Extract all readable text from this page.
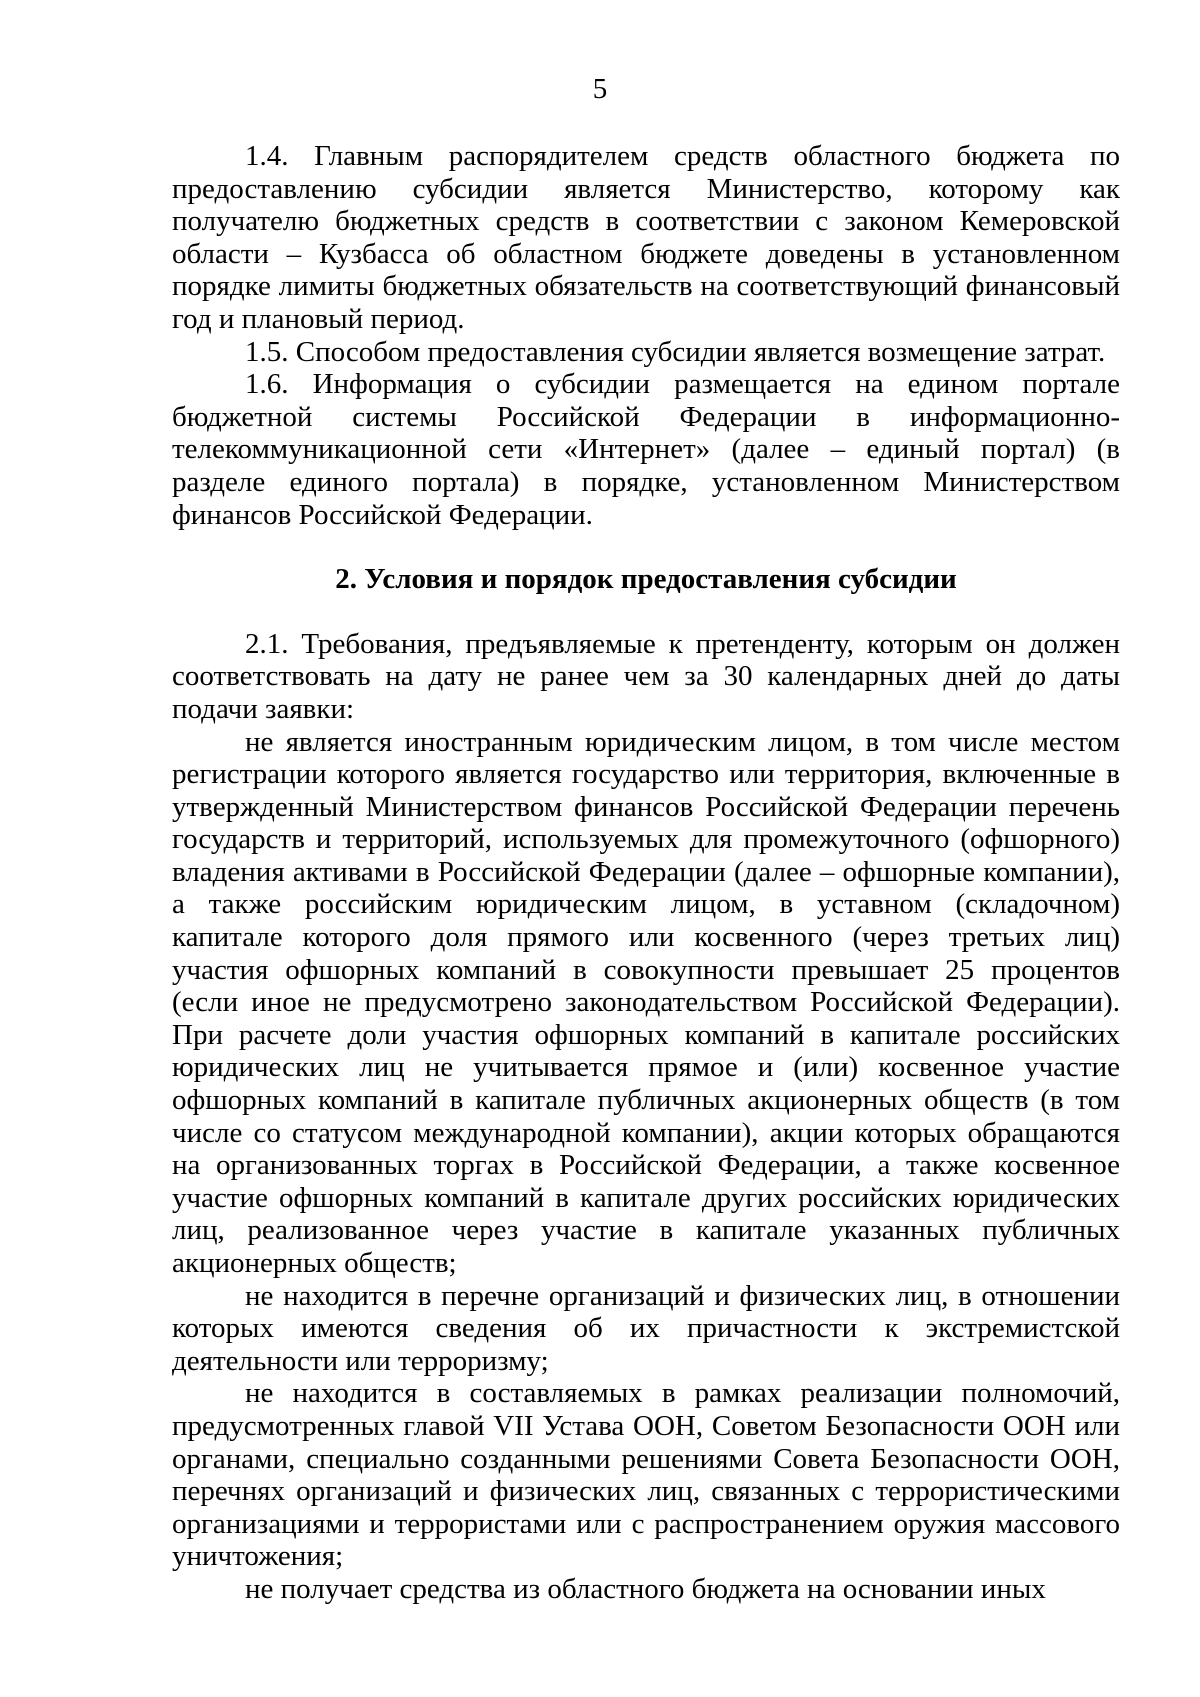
5

1.4. Главным распорядителем средств областного бюджета по предоставлению субсидии является Министерство, которому как получателю бюджетных средств в соответствии с законом Кемеровской области – Кузбасса об областном бюджете доведены в установленном порядке лимиты бюджетных обязательств на соответствующий финансовый год и плановый период.

1.5. Способом предоставления субсидии является возмещение затрат.

1.6. Информация о субсидии размещается на едином портале бюджетной системы Российской Федерации в информационно-телекоммуникационной сети «Интернет» (далее – единый портал) (в разделе единого портала) в порядке, установленном Министерством финансов Российской Федерации.

2. Условия и порядок предоставления субсидии

2.1. Требования, предъявляемые к претенденту, которым он должен соответствовать на дату не ранее чем за 30 календарных дней до даты подачи заявки:

не является иностранным юридическим лицом, в том числе местом регистрации которого является государство или территория, включенные в утвержденный Министерством финансов Российской Федерации перечень государств и территорий, используемых для промежуточного (офшорного) владения активами в Российской Федерации (далее – офшорные компании), а также российским юридическим лицом, в уставном (складочном) капитале которого доля прямого или косвенного (через третьих лиц) участия офшорных компаний в совокупности превышает 25 процентов (если иное не предусмотрено законодательством Российской Федерации). При расчете доли участия офшорных компаний в капитале российских юридических лиц не учитывается прямое и (или) косвенное участие офшорных компаний в капитале публичных акционерных обществ (в том числе со статусом международной компании), акции которых обращаются на организованных торгах в Российской Федерации, а также косвенное участие офшорных компаний в капитале других российских юридических лиц, реализованное через участие в капитале указанных публичных акционерных обществ;

не находится в перечне организаций и физических лиц, в отношении которых имеются сведения об их причастности к экстремистской деятельности или терроризму;

не находится в составляемых в рамках реализации полномочий, предусмотренных главой VII Устава ООН, Советом Безопасности ООН или органами, специально созданными решениями Совета Безопасности ООН, перечнях организаций и физических лиц, связанных с террористическими организациями и террористами или с распространением оружия массового уничтожения;

не получает средства из областного бюджета на основании иных
